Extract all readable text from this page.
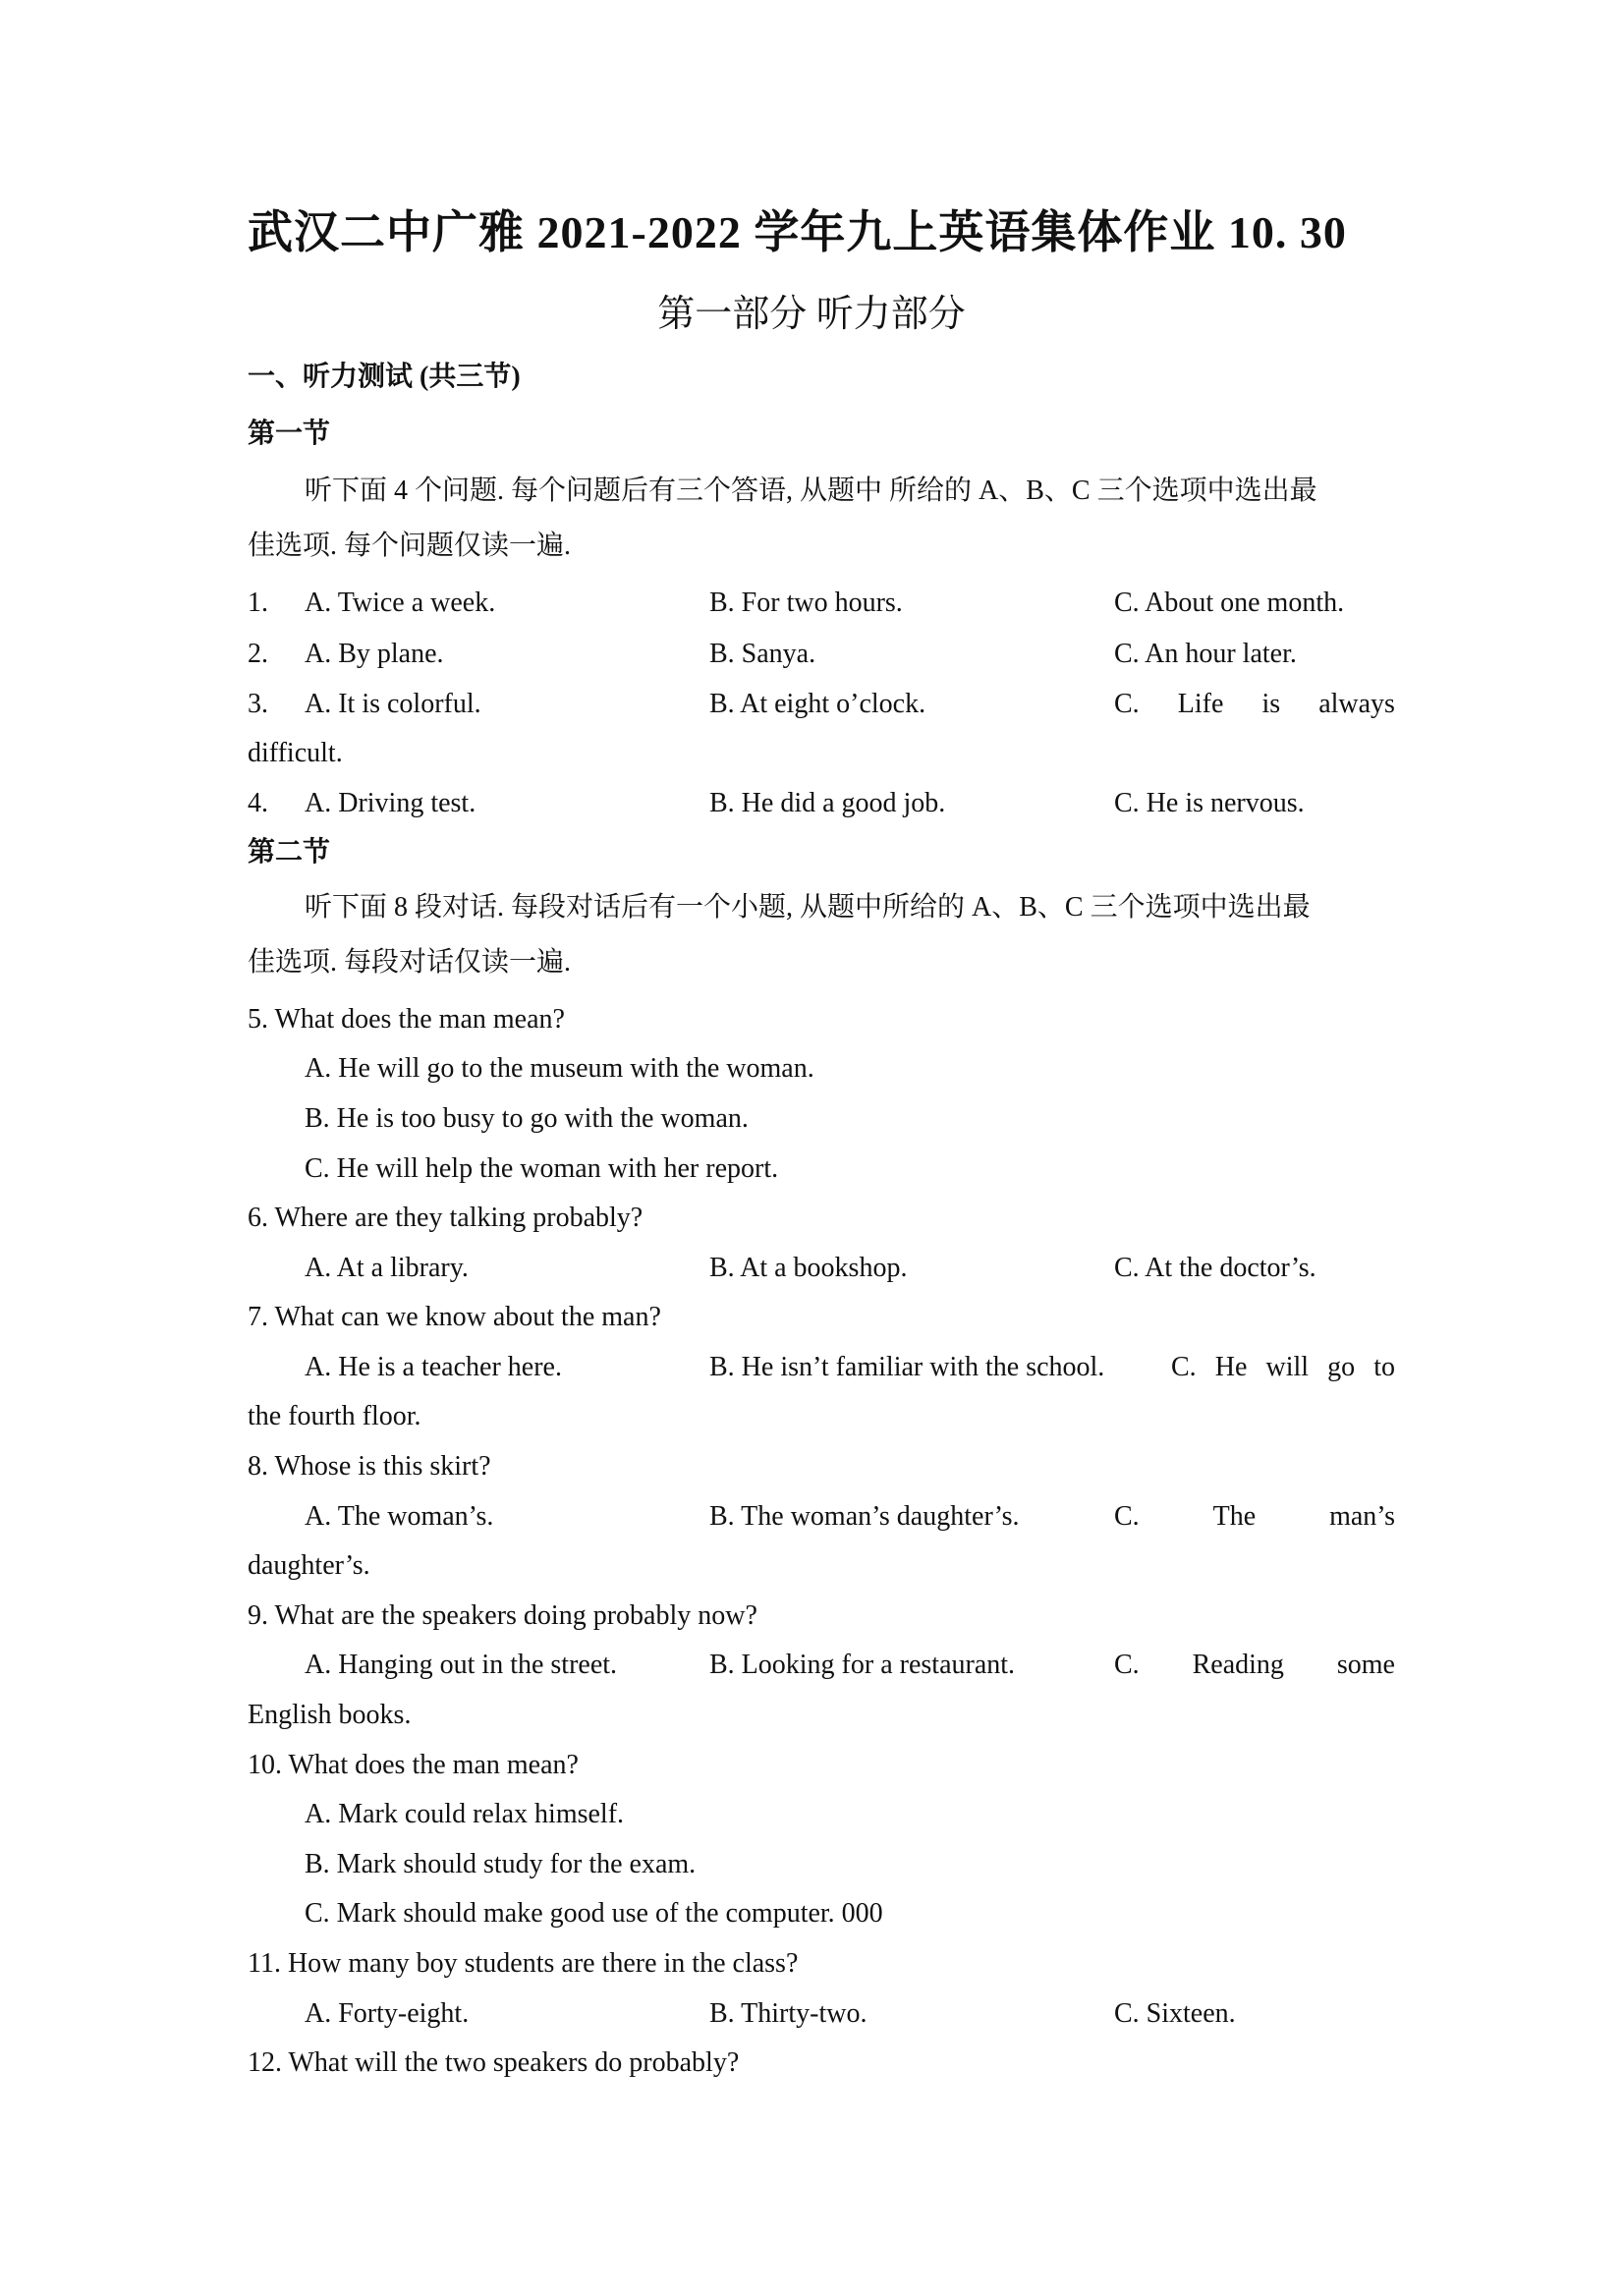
武汉二中广雅 2021-2022 学年九上英语集体作业 10. 30
第一部分 听力部分
一、听力测试 (共三节)
第一节
听下面 4 个问题. 每个问题后有三个答语, 从题中 所给的 A、B、C 三个选项中选出最
佳选项. 每个问题仅读一遍.
1. A. Twice a week.	B. For two hours.	C. About one month.
2. A. By plane.	B. Sanya.	C. An hour later.
3. A. It is colorful.	B. At eight o’clock.	C. Life is always
difficult.
4. A. Driving test.	B. He did a good job.	C. He is nervous.
第二节
听下面 8 段对话. 每段对话后有一个小题, 从题中所给的 A、B、C 三个选项中选出最
佳选项. 每段对话仅读一遍.
5. What does the man mean?
A. He will go to the museum with the woman.
B. He is too busy to go with the woman.
C. He will help the woman with her report.
6. Where are they talking probably?
A. At a library.	B. At a bookshop.	C. At the doctor’s.
7. What can we know about the man?
A. He is a teacher here.	B. He isn’t familiar with the school. C. He will go to
the fourth floor.
8. Whose is this skirt?
A. The woman’s.	B. The woman’s daughter’s.	C.	The	man’s
daughter’s.
9. What are the speakers doing probably now?
A. Hanging out in the street.	B. Looking for a restaurant.	C. Reading some
English books.
10. What does the man mean?
A. Mark could relax himself.
B. Mark should study for the exam.
C. Mark should make good use of the computer. 000
11. How many boy students are there in the class?
A. Forty-eight.	B. Thirty-two.	C. Sixteen.
12. What will the two speakers do probably?
